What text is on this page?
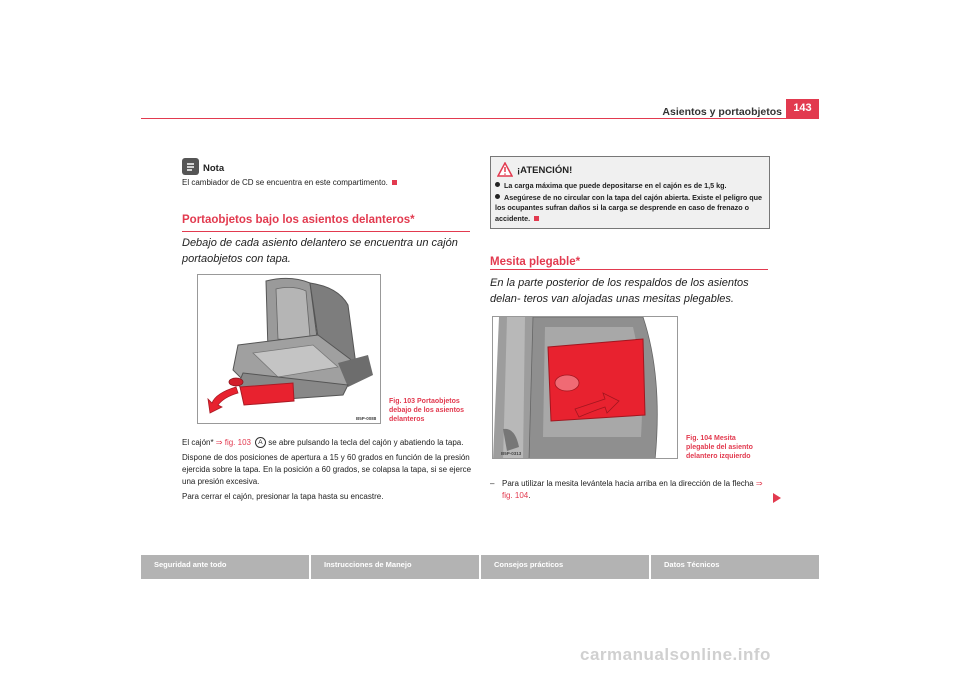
Asientos y portaobjetos	143
Nota
El cambiador de CD se encuentra en este compartimento.
Portaobjetos bajo los asientos delanteros*
Debajo de cada asiento delantero se encuentra un cajón portaobjetos con tapa.
B5P-0088
Fig. 103 Portaobjetos debajo de los asientos delanteros

El cajón* ⇒ fig. 103 A se abre pulsando la tecla del cajón y abatiendo la tapa.

Dispone de dos posiciones de apertura a 15 y 60 grados en función de la presión ejercida sobre la tapa. En la posición a 60 grados, se colapsa la tapa, si se ejerce una presión excesiva.

Para cerrar el cajón, presionar la tapa hasta su encastre.

¡ATENCIÓN!
La carga máxima que puede depositarse en el cajón es de 1,5 kg.
Asegúrese de no circular con la tapa del cajón abierta. Existe el peligro que los ocupantes sufran daños si la carga se desprende en caso de frenazo o accidente.
Mesita plegable*
En la parte posterior de los respaldos de los asientos delan- teros van alojadas unas mesitas plegables.
B5P-0313
Fig. 104 Mesita plegable del asiento delantero izquierdo
– Para utilizar la mesita levántela hacia arriba en la dirección de la flecha ⇒ fig. 104.
Seguridad ante todo	Instrucciones de Manejo	Consejos prácticos	Datos Técnicos
carmanualsonline.info
